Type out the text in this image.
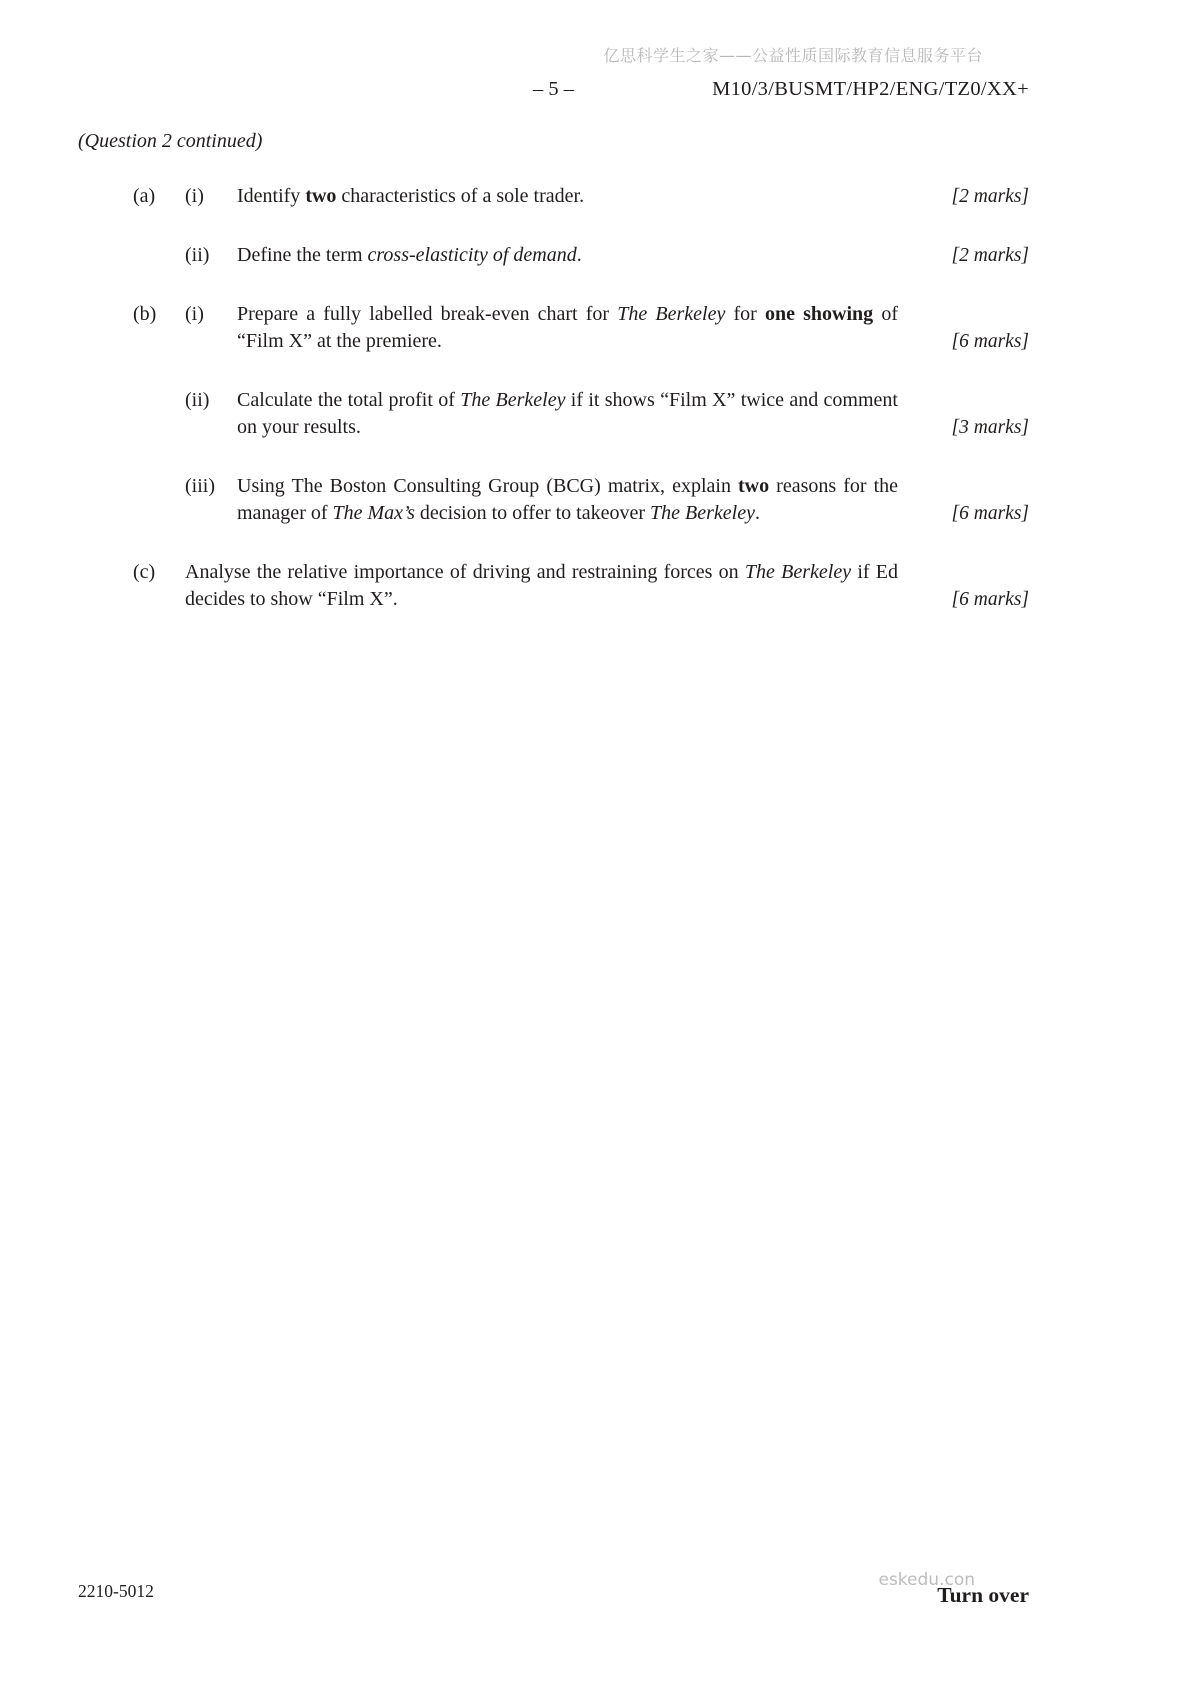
亿思科学生之家——公益性质国际教育信息服务平台
– 5 –	M10/3/BUSMT/HP2/ENG/TZ0/XX+
(Question 2 continued)
(a)	(i)	Identify two characteristics of a sole trader.	[2 marks]
(ii)	Define the term cross-elasticity of demand.	[2 marks]
(b)	(i)	Prepare a fully labelled break-even chart for The Berkeley for one showing of “Film X” at the premiere.	[6 marks]
(ii)	Calculate the total profit of The Berkeley if it shows “Film X” twice and comment on your results.	[3 marks]
(iii)	Using The Boston Consulting Group (BCG) matrix, explain two reasons for the manager of The Max’s decision to offer to takeover The Berkeley.	[6 marks]
(c)	Analyse the relative importance of driving and restraining forces on The Berkeley if Ed decides to show “Film X”.	[6 marks]
2210-5012
eskedu.con
Turn over
